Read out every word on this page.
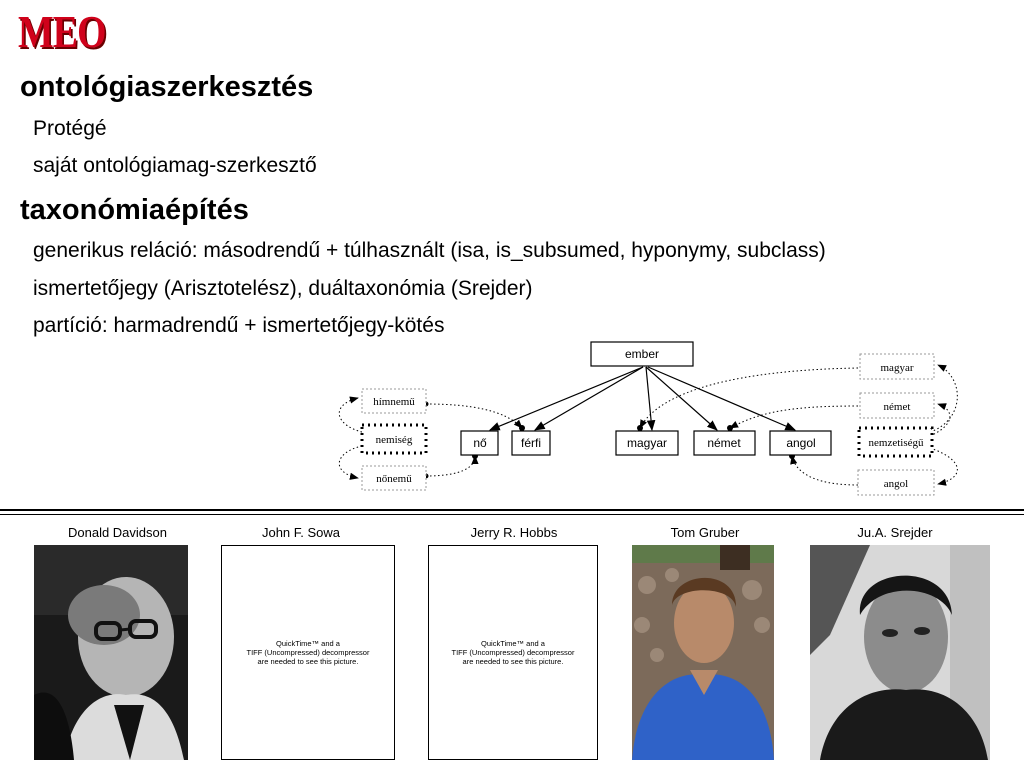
MEO
ontológiaszerkesztés
Protégé
saját ontológiamag-szerkesztő
taxonómiaépítés
generikus reláció: másodrendű + túlhasznált (isa, is_subsumed, hyponymy, subclass)
ismertetőjegy (Arisztotelész), duáltaxonómia (Srejder)
partíció: harmadrendű + ismertetőjegy-kötés
ember
nő	férfi	magyar	német	angol
hímnemű
nemiség
nőnemű
magyar
német
nemzetiségű
angol
Donald Davidson	John F. Sowa	Jerry R. Hobbs	Tom Gruber	Ju.A. Srejder
QuickTime™ and a
TIFF (Uncompressed) decompressor
are needed to see this picture.
QuickTime™ and a
TIFF (Uncompressed) decompressor
are needed to see this picture.
